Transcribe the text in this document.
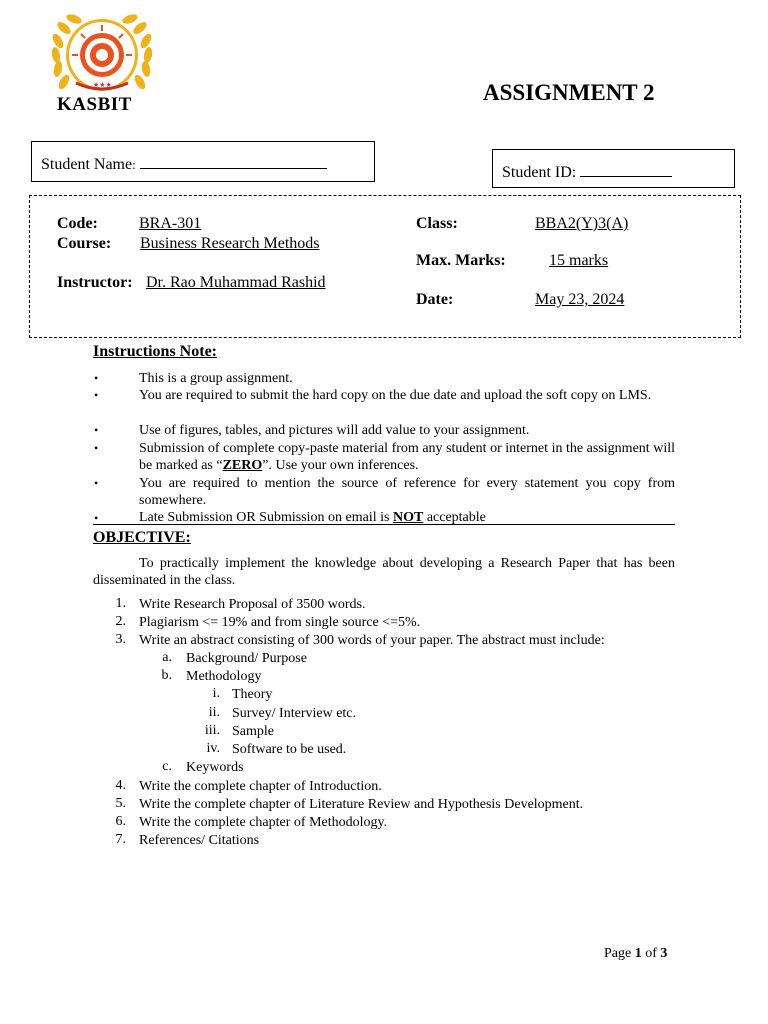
★★★
KASBIT	ASSIGNMENT 2
Student Name:	Student ID:
Code:	BRA-301
Course: Business Research Methods
Instructor: Dr. Rao Muhammad Rashid
Class:	BBA2(Y)3(A)
Max. Marks:	15 marks
Date:	May 23, 2024
Instructions Note:
•	This is a group assignment.
•	You are required to submit the hard copy on the due date and upload the soft copy on LMS.
•	Use of figures, tables, and pictures will add value to your assignment.
•	Submission of complete copy-paste material from any student or internet in the assignment will be marked as “ZERO”. Use your own inferences.
•	You are required to mention the source of reference for every statement you copy from somewhere.
•	Late Submission OR Submission on email is NOT acceptable
OBJECTIVE:
To practically implement the knowledge about developing a Research Paper that has been disseminated in the class.
1. Write Research Proposal of 3500 words.
2. Plagiarism <= 19% and from single source <=5%.
3. Write an abstract consisting of 300 words of your paper. The abstract must include:
a. Background/ Purpose
b. Methodology
i. Theory
ii. Survey/ Interview etc.
iii. Sample
iv. Software to be used.
c. Keywords
4. Write the complete chapter of Introduction.
5. Write the complete chapter of Literature Review and Hypothesis Development.
6. Write the complete chapter of Methodology.
7. References/ Citations
Page 1 of 3
